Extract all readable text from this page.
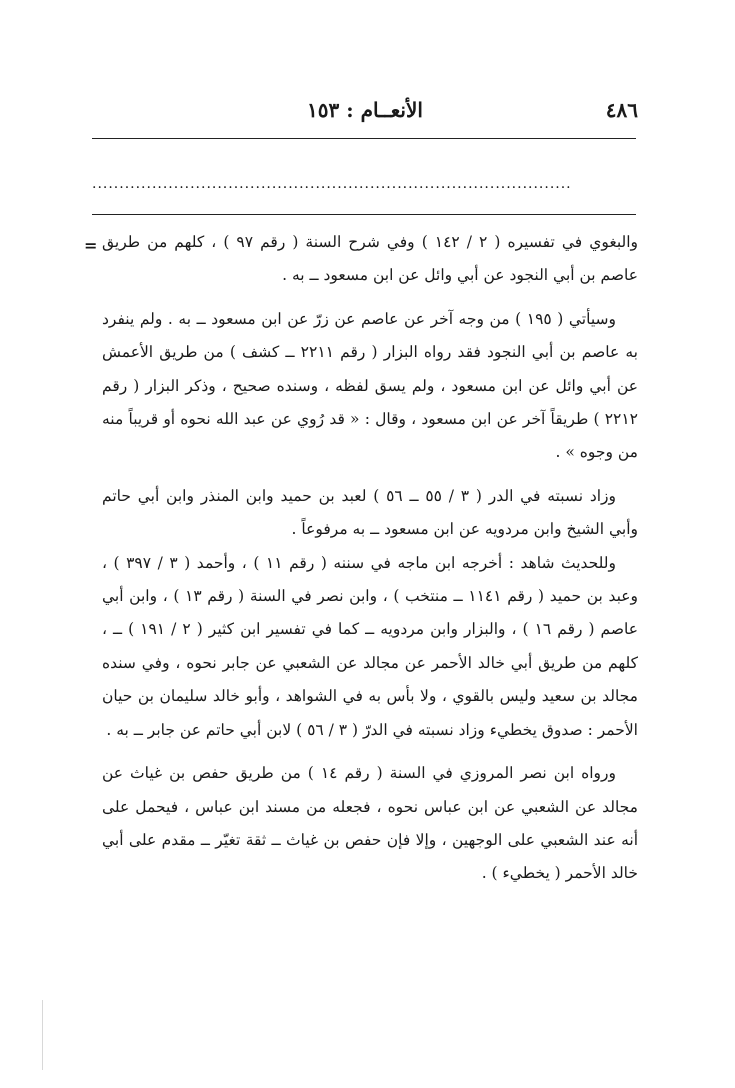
٤٨٦
الأنعــام : ١٥٣
........................................................................................
= والبغوي في تفسيره ( ٢ / ١٤٢ ) وفي شرح السنة ( رقم ٩٧ ) ، كلهم من طريق عاصم بن أبي النجود عن أبي وائل عن ابن مسعود ــ به .

وسيأتي ( ١٩٥ ) من وجه آخر عن عاصم عن زرّ عن ابن مسعود ــ به . ولم ينفرد به عاصم بن أبي النجود فقد رواه البزار ( رقم ٢٢١١ ــ كشف ) من طريق الأعمش عن أبي وائل عن ابن مسعود ، ولم يسق لفظه ، وسنده صحيح ، وذكر البزار ( رقم ٢٢١٢ ) طريقاً آخر عن ابن مسعود ، وقال : « قد رُوي عن عبد الله نحوه أو قريباً منه من وجوه » .

وزاد نسبته في الدر ( ٣ / ٥٥ ــ ٥٦ ) لعبد بن حميد وابن المنذر وابن أبي حاتم وأبي الشيخ وابن مردويه عن ابن مسعود ــ به مرفوعاً .

وللحديث شاهد : أخرجه ابن ماجه في سننه ( رقم ١١ ) ، وأحمد ( ٣ / ٣٩٧ ) ، وعبد بن حميد ( رقم ١١٤١ ــ منتخب ) ، وابن نصر في السنة ( رقم ١٣ ) ، وابن أبي عاصم ( رقم ١٦ ) ، والبزار وابن مردويه ــ كما في تفسير ابن كثير ( ٢ / ١٩١ ) ــ ، كلهم من طريق أبي خالد الأحمر عن مجالد عن الشعبي عن جابر نحوه ، وفي سنده مجالد بن سعيد وليس بالقوي ، ولا بأس به في الشواهد ، وأبو خالد سليمان بن حيان الأحمر : صدوق يخطيء وزاد نسبته في الدرّ ( ٣ / ٥٦ ) لابن أبي حاتم عن جابر ــ به .

ورواه ابن نصر المروزي في السنة ( رقم ١٤ ) من طريق حفص بن غياث عن مجالد عن الشعبي عن ابن عباس نحوه ، فجعله من مسند ابن عباس ، فيحمل على أنه عند الشعبي على الوجهين ، وإلا فإن حفص بن غياث ــ ثقة تغيّر ــ مقدم على أبي خالد الأحمر ( يخطيء ) .
